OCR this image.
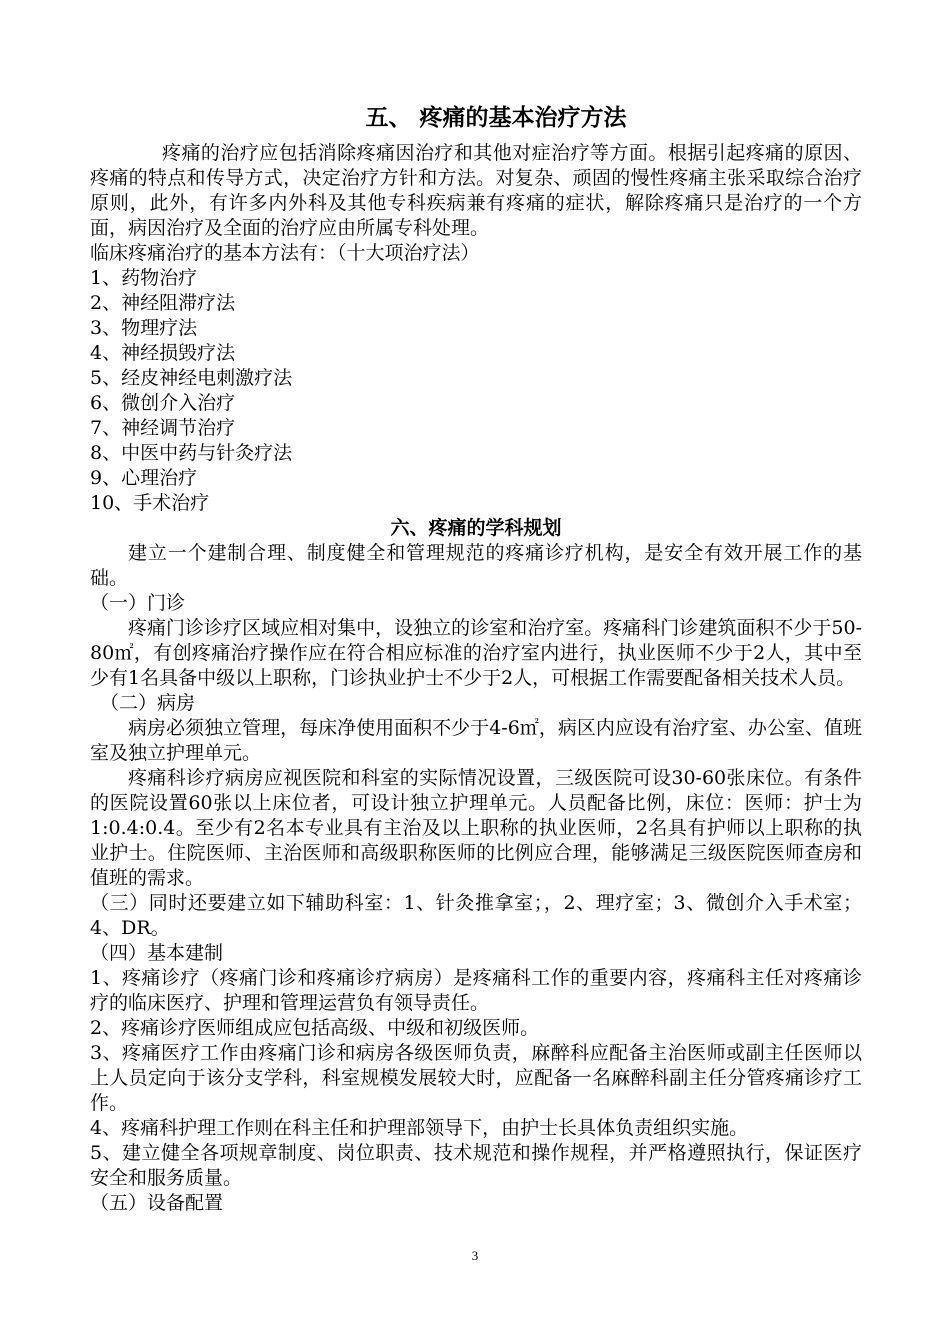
五、 疼痛的基本治疗方法

疼痛的治疗应包括消除疼痛因治疗和其他对症治疗等方面。根据引起疼痛的原因、疼痛的特点和传导方式，决定治疗方针和方法。对复杂、顽固的慢性疼痛主张采取综合治疗原则，此外，有许多内外科及其他专科疾病兼有疼痛的症状，解除疼痛只是治疗的一个方面，病因治疗及全面的治疗应由所属专科处理。

临床疼痛治疗的基本方法有：（十大项治疗法）

1、药物治疗
2、神经阻滞疗法
3、物理疗法
4、神经损毁疗法
5、经皮神经电刺激疗法
6、微创介入治疗
7、神经调节治疗
8、中医中药与针灸疗法
9、心理治疗
10、手术治疗
六、疼痛的学科规划

建立一个建制合理、制度健全和管理规范的疼痛诊疗机构，是安全有效开展工作的基础。

（一）门诊

疼痛门诊诊疗区域应相对集中，设独立的诊室和治疗室。疼痛科门诊建筑面积不少于50-80㎡，有创疼痛治疗操作应在符合相应标准的治疗室内进行，执业医师不少于2人，其中至少有1名具备中级以上职称，门诊执业护士不少于2人，可根据工作需要配备相关技术人员。

（二）病房

病房必须独立管理，每床净使用面积不少于4-6㎡，病区内应设有治疗室、办公室、值班室及独立护理单元。

疼痛科诊疗病房应视医院和科室的实际情况设置，三级医院可设30-60张床位。有条件的医院设置60张以上床位者，可设计独立护理单元。人员配备比例，床位：医师：护士为1:0.4:0.4。至少有2名本专业具有主治及以上职称的执业医师，2名具有护师以上职称的执业护士。住院医师、主治医师和高级职称医师的比例应合理，能够满足三级医院医师查房和值班的需求。

（三）同时还要建立如下辅助科室：1、针灸推拿室；，2、理疗室；3、微创介入手术室；4、DR。

（四）基本建制

1、疼痛诊疗（疼痛门诊和疼痛诊疗病房）是疼痛科工作的重要内容，疼痛科主任对疼痛诊疗的临床医疗、护理和管理运营负有领导责任。

2、疼痛诊疗医师组成应包括高级、中级和初级医师。

3、疼痛医疗工作由疼痛门诊和病房各级医师负责，麻醉科应配备主治医师或副主任医师以上人员定向于该分支学科，科室规模发展较大时，应配备一名麻醉科副主任分管疼痛诊疗工作。

4、疼痛科护理工作则在科主任和护理部领导下，由护士长具体负责组织实施。

5、建立健全各项规章制度、岗位职责、技术规范和操作规程，并严格遵照执行，保证医疗安全和服务质量。

（五）设备配置

3
